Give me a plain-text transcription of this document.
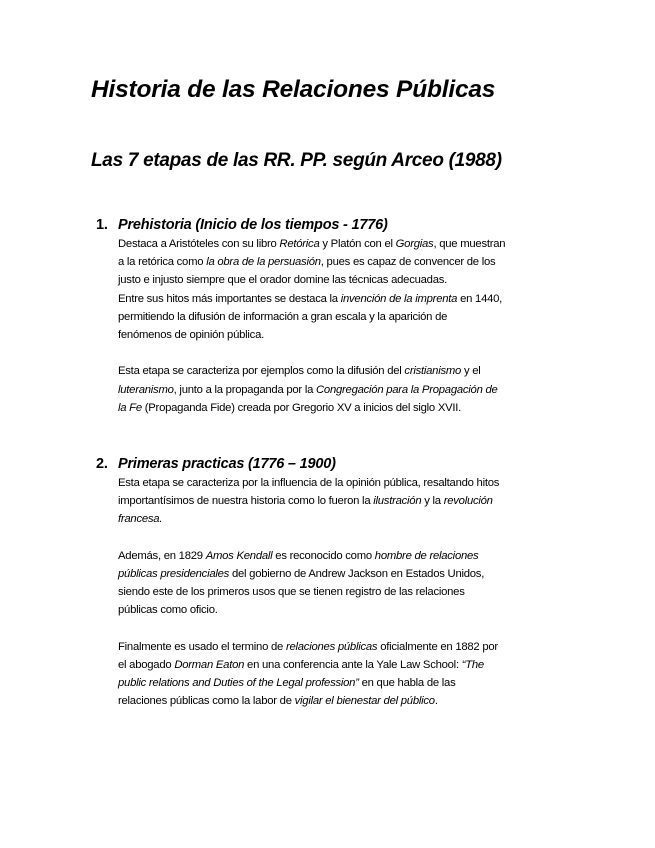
Historia de las Relaciones Públicas
Las 7 etapas de las RR. PP. según Arceo (1988)
1. Prehistoria (Inicio de los tiempos - 1776)

Destaca a Aristóteles con su libro Retórica y Platón con el Gorgias, que muestran
a la retórica como la obra de la persuasión, pues es capaz de convencer de los
justo e injusto siempre que el orador domine las técnicas adecuadas.
Entre sus hitos más importantes se destaca la invención de la imprenta en 1440,
permitiendo la difusión de información a gran escala y la aparición de
fenómenos de opinión pública.

Esta etapa se caracteriza por ejemplos como la difusión del cristianismo y el
luteranismo, junto a la propaganda por la Congregación para la Propagación de
la Fe (Propaganda Fide) creada por Gregorio XV a inicios del siglo XVII.

2. Primeras practicas (1776 – 1900)

Esta etapa se caracteriza por la influencia de la opinión pública, resaltando hitos
importantísimos de nuestra historia como lo fueron la ilustración y la revolución
francesa.

Además, en 1829 Amos Kendall es reconocido como hombre de relaciones
públicas presidenciales del gobierno de Andrew Jackson en Estados Unidos,
siendo este de los primeros usos que se tienen registro de las relaciones
públicas como oficio.

Finalmente es usado el termino de relaciones públicas oficialmente en 1882 por
el abogado Dorman Eaton en una conferencia ante la Yale Law School: “The
public relations and Duties of the Legal profession” en que habla de las
relaciones públicas como la labor de vigilar el bienestar del público.
